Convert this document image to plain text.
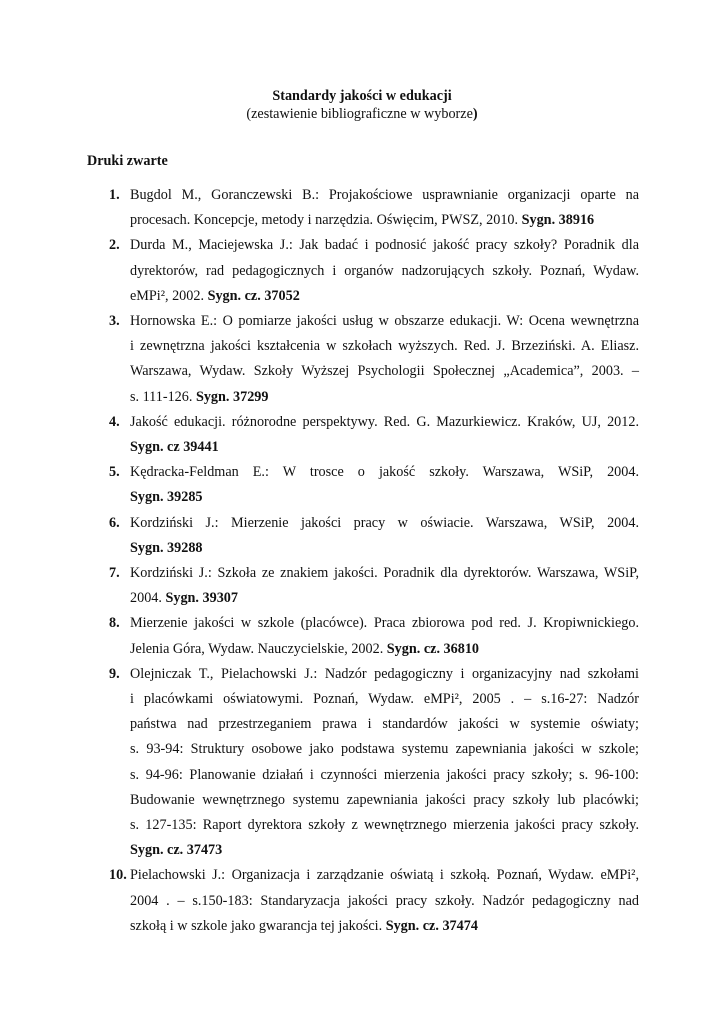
Standardy jakości w edukacji
(zestawienie bibliograficzne w wyborze)
Druki zwarte
1. Bugdol M., Goranczewski B.: Projakościowe usprawnianie organizacji oparte na
procesach. Koncepcje, metody i narzędzia. Oświęcim, PWSZ, 2010. Sygn. 38916
2. Durda M., Maciejewska J.: Jak badać i podnosić jakość pracy szkoły? Poradnik dla
dyrektorów, rad pedagogicznych i organów nadzorujących szkoły. Poznań, Wydaw.
eMPi², 2002. Sygn. cz. 37052
3. Hornowska E.: O pomiarze jakości usług w obszarze edukacji. W: Ocena wewnętrzna
i zewnętrzna jakości kształcenia w szkołach wyższych. Red. J. Brzeziński. A. Eliasz.
Warszawa, Wydaw. Szkoły Wyższej Psychologii Społecznej „Academica”, 2003. –
s. 111-126. Sygn. 37299
4. Jakość edukacji. różnorodne perspektywy. Red. G. Mazurkiewicz. Kraków, UJ, 2012.
Sygn. cz 39441
5. Kędracka-Feldman E.: W trosce o jakość szkoły. Warszawa, WSiP, 2004.
Sygn. 39285
6. Kordziński J.: Mierzenie jakości pracy w oświacie. Warszawa, WSiP, 2004.
Sygn. 39288
7. Kordziński J.: Szkoła ze znakiem jakości. Poradnik dla dyrektorów. Warszawa, WSiP,
2004. Sygn. 39307
8. Mierzenie jakości w szkole (placówce). Praca zbiorowa pod red. J. Kropiwnickiego.
Jelenia Góra, Wydaw. Nauczycielskie, 2002. Sygn. cz. 36810
9. Olejniczak T., Pielachowski J.: Nadzór pedagogiczny i organizacyjny nad szkołami
i placówkami oświatowymi. Poznań, Wydaw. eMPi², 2005 . – s.16-27: Nadzór
państwa nad przestrzeganiem prawa i standardów jakości w systemie oświaty;
s. 93-94: Struktury osobowe jako podstawa systemu zapewniania jakości w szkole;
s. 94-96: Planowanie działań i czynności mierzenia jakości pracy szkoły; s. 96-100:
Budowanie wewnętrznego systemu zapewniania jakości pracy szkoły lub placówki;
s. 127-135: Raport dyrektora szkoły z wewnętrznego mierzenia jakości pracy szkoły.
Sygn. cz. 37473
10. Pielachowski J.: Organizacja i zarządzanie oświatą i szkołą. Poznań, Wydaw. eMPi²,
2004 . – s.150-183: Standaryzacja jakości pracy szkoły. Nadzór pedagogiczny nad
szkołą i w szkole jako gwarancja tej jakości. Sygn. cz. 37474
